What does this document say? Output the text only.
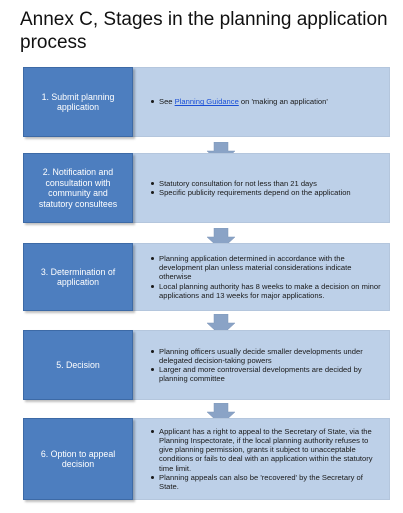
Annex C, Stages in the planning application process
See Planning Guidance on 'making an application'
1. Submit planning application
Statutory consultation for not less than 21 days
Specific publicity requirements depend on the application
2. Notification and consultation with community and statutory consultees
Planning application determined in accordance with the development plan unless material considerations indicate otherwise
Local planning authority has 8 weeks to make a decision on minor applications and 13 weeks for major applications.
3. Determination of application
Planning officers usually decide smaller developments under delegated decision-taking powers
Larger and more controversial developments are decided by planning committee
5. Decision
Applicant has a right to appeal to the Secretary of State, via the Planning Inspectorate, if the local planning authority refuses to give planning permission, grants it subject to unacceptable conditions or fails to deal with an application within the statutory time limit.
Planning appeals can also be 'recovered' by the Secretary of State.
6. Option to appeal decision
